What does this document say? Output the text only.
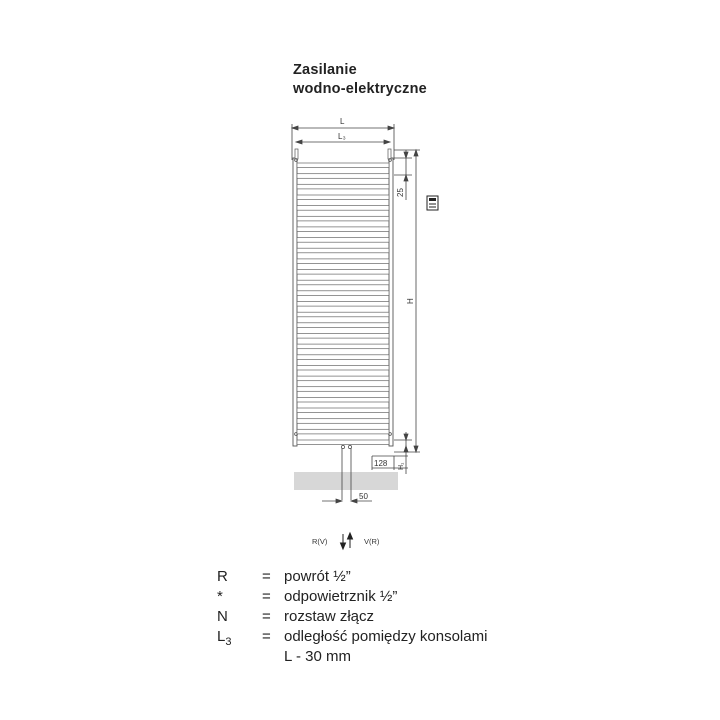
Zasilanie
wodno-elektryczne
L
L₃
25
H
128 H₁
50
R(V)	V(R)
R	= powrót ½”
*	= odpowietrznik ½”
N	= rozstaw złącz
$L_3$	= odległość pomiędzy konsolami
L - 30 mm
